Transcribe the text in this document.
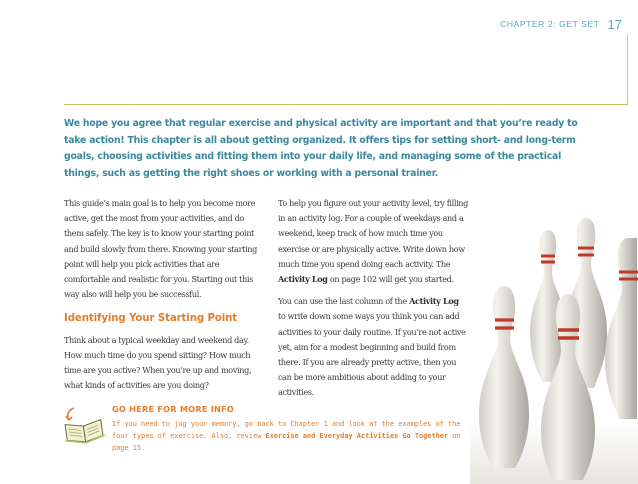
CHAPTER 2: GET SET 17

We hope you agree that regular exercise and physical activity are important and that you’re ready to take action! This chapter is all about getting organized. It offers tips for setting short- and long-term goals, choosing activities and fitting them into your daily life, and managing some of the practical things, such as getting the right shoes or working with a personal trainer.

This guide’s main goal is to help you become more active, get the most from your activities, and do them safely. The key is to know your starting point and build slowly from there. Knowing your starting point will help you pick activities that are comfortable and realistic for you. Starting out this way also will help you be successful.

Identifying Your Starting Point

Think about a typical weekday and weekend day. How much time do you spend sitting? How much time are you active? When you’re up and moving, what kinds of activities are you doing?

To help you figure out your activity level, try filling in an activity log. For a couple of weekdays and a weekend, keep track of how much time you exercise or are physically active. Write down how much time you spend doing each activity. The Activity Log on page 102 will get you started.

You can use the last column of the Activity Log to write down some ways you think you can add activities to your daily routine. If you’re not active yet, aim for a modest beginning and build from there. If you are already pretty active, then you can be more ambitious about adding to your activities.

GO HERE FOR MORE INFO

If you need to jog your memory, go back to Chapter 1 and look at the examples of the four types of exercise. Also, review Exercise and Everyday Activities Go Together on page 15.
